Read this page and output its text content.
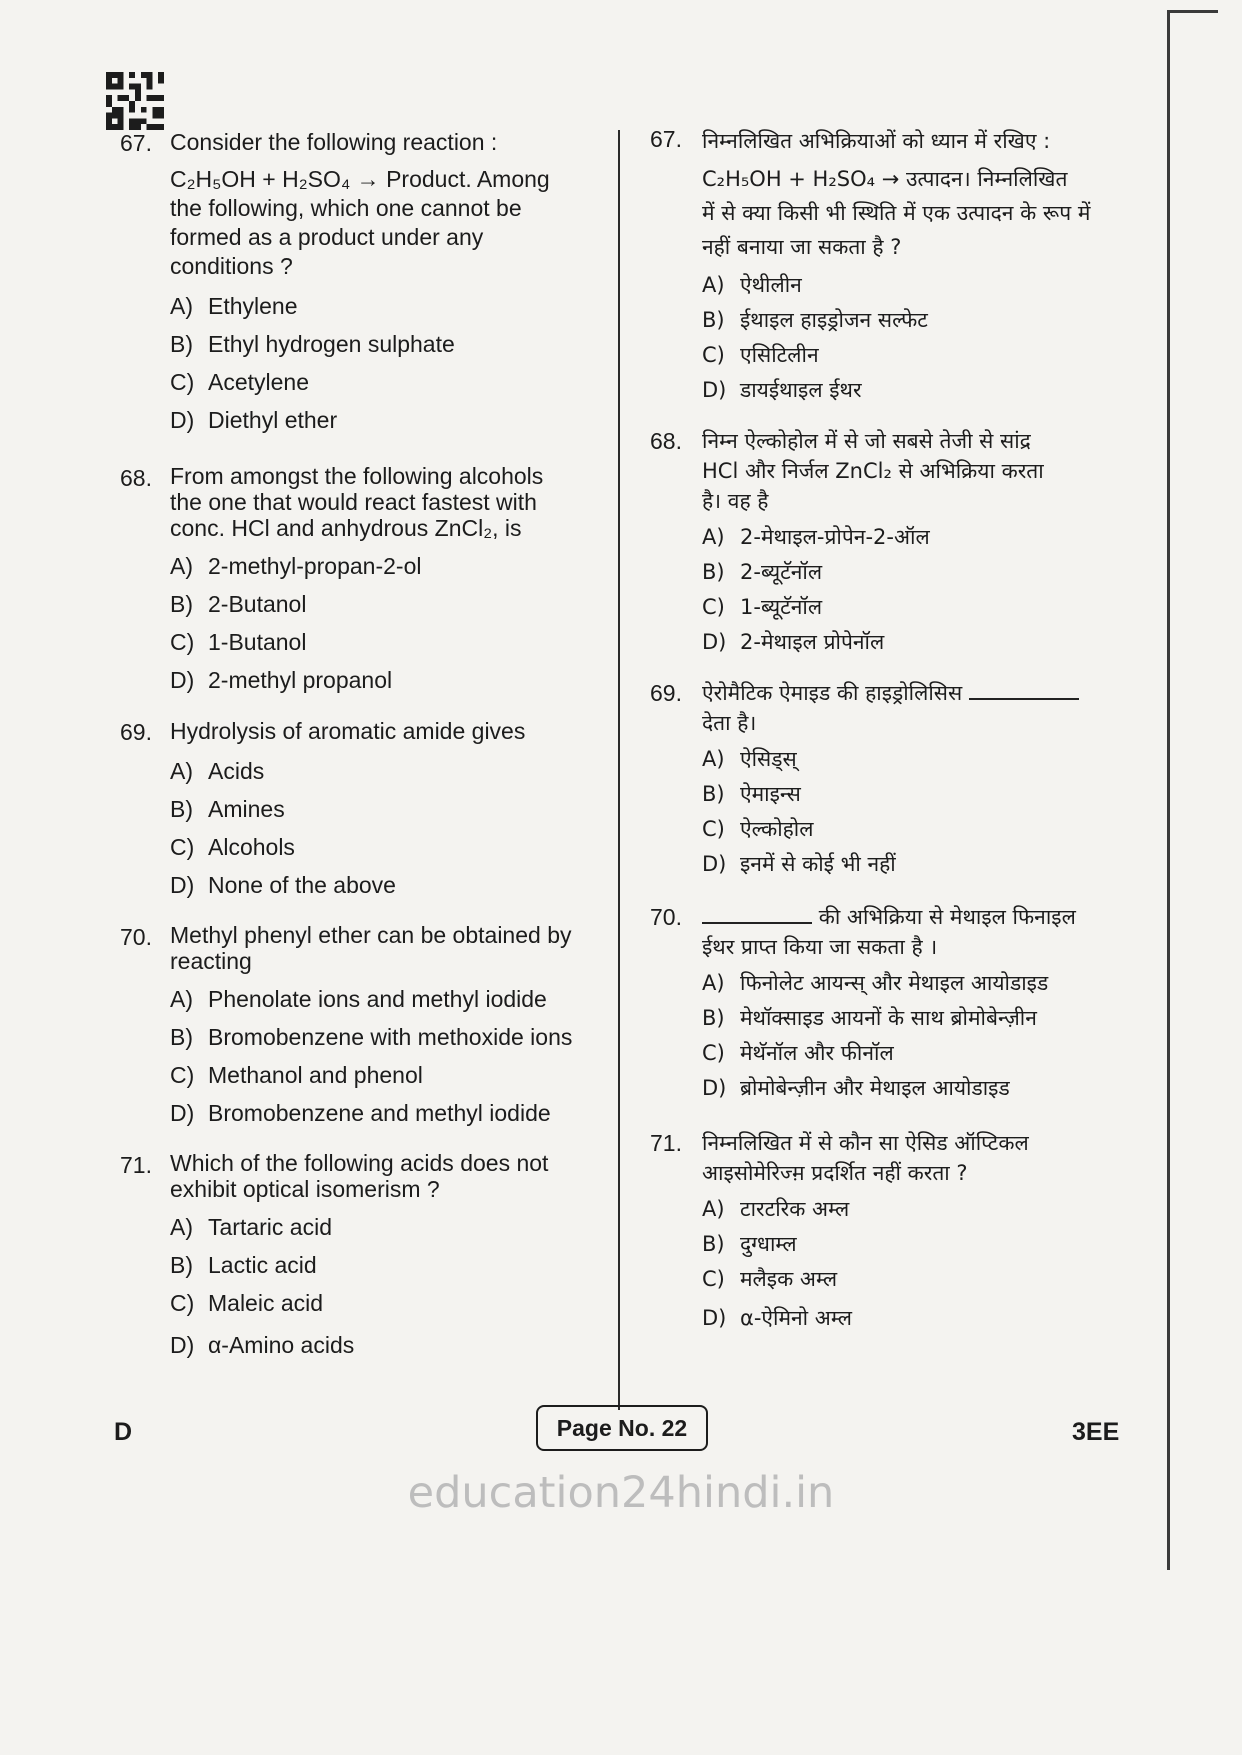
67. Consider the following reaction :
C₂H₅OH + H₂SO₄ → Product. Among
the following, which one cannot be
formed as a product under any
conditions ?
A) Ethylene
B) Ethyl hydrogen sulphate
C) Acetylene
D) Diethyl ether
68. From amongst the following alcohols
the one that would react fastest with
conc. HCl and anhydrous ZnCl₂, is
A) 2-methyl-propan-2-ol
B) 2-Butanol
C) 1-Butanol
D) 2-methyl propanol
69. Hydrolysis of aromatic amide gives
A) Acids
B) Amines
C) Alcohols
D) None of the above
70. Methyl phenyl ether can be obtained by
reacting
A) Phenolate ions and methyl iodide
B) Bromobenzene with methoxide ions
C) Methanol and phenol
D) Bromobenzene and methyl iodide
71. Which of the following acids does not
exhibit optical isomerism ?
A) Tartaric acid
B) Lactic acid
C) Maleic acid
D) α-Amino acids
67. निम्नलिखित अभिक्रियाओं को ध्यान में रखिए :
C₂H₅OH + H₂SO₄ → उत्पादन। निम्नलिखित
में से क्या किसी भी स्थिति में एक उत्पादन के रूप में
नहीं बनाया जा सकता है ?
A) ऐथीलीन
B) ईथाइल हाइड्रोजन सल्फेट
C) एसिटिलीन
D) डायईथाइल ईथर
68. निम्न ऐल्कोहोल में से जो सबसे तेजी से सांद्र
HCl और निर्जल ZnCl₂ से अभिक्रिया करता
है। वह है
A) 2-मेथाइल-प्रोपेन-2-ऑल
B) 2-ब्यूटॅनॉल
C) 1-ब्यूटॅनॉल
D) 2-मेथाइल प्रोपेनॉल
69. ऐरोमैटिक ऐमाइड की हाइड्रोलिसिस
देता है।
A) ऐसिड्स्
B) ऐमाइन्स
C) ऐल्कोहोल
D) इनमें से कोई भी नहीं
70.	की अभिक्रिया से मेथाइल फिनाइल
ईथर प्राप्त किया जा सकता है ।
A) फिनोलेट आयन्स् और मेथाइल आयोडाइड
B) मेथॉक्साइड आयनों के साथ ब्रोमोबेन्ज़ीन
C) मेथॅनॉल और फीनॉल
D) ब्रोमोबेन्ज़ीन और मेथाइल आयोडाइड
71. निम्नलिखित में से कौन सा ऐसिड ऑप्टिकल
आइसोमेरिज्म़ प्रदर्शित नहीं करता ?
A) टारटरिक अम्ल
B) दुग्धाम्ल
C) मलैइक अम्ल
D) α-ऐमिनो अम्ल
D	Page No. 22	3EE
education24hindi.in
